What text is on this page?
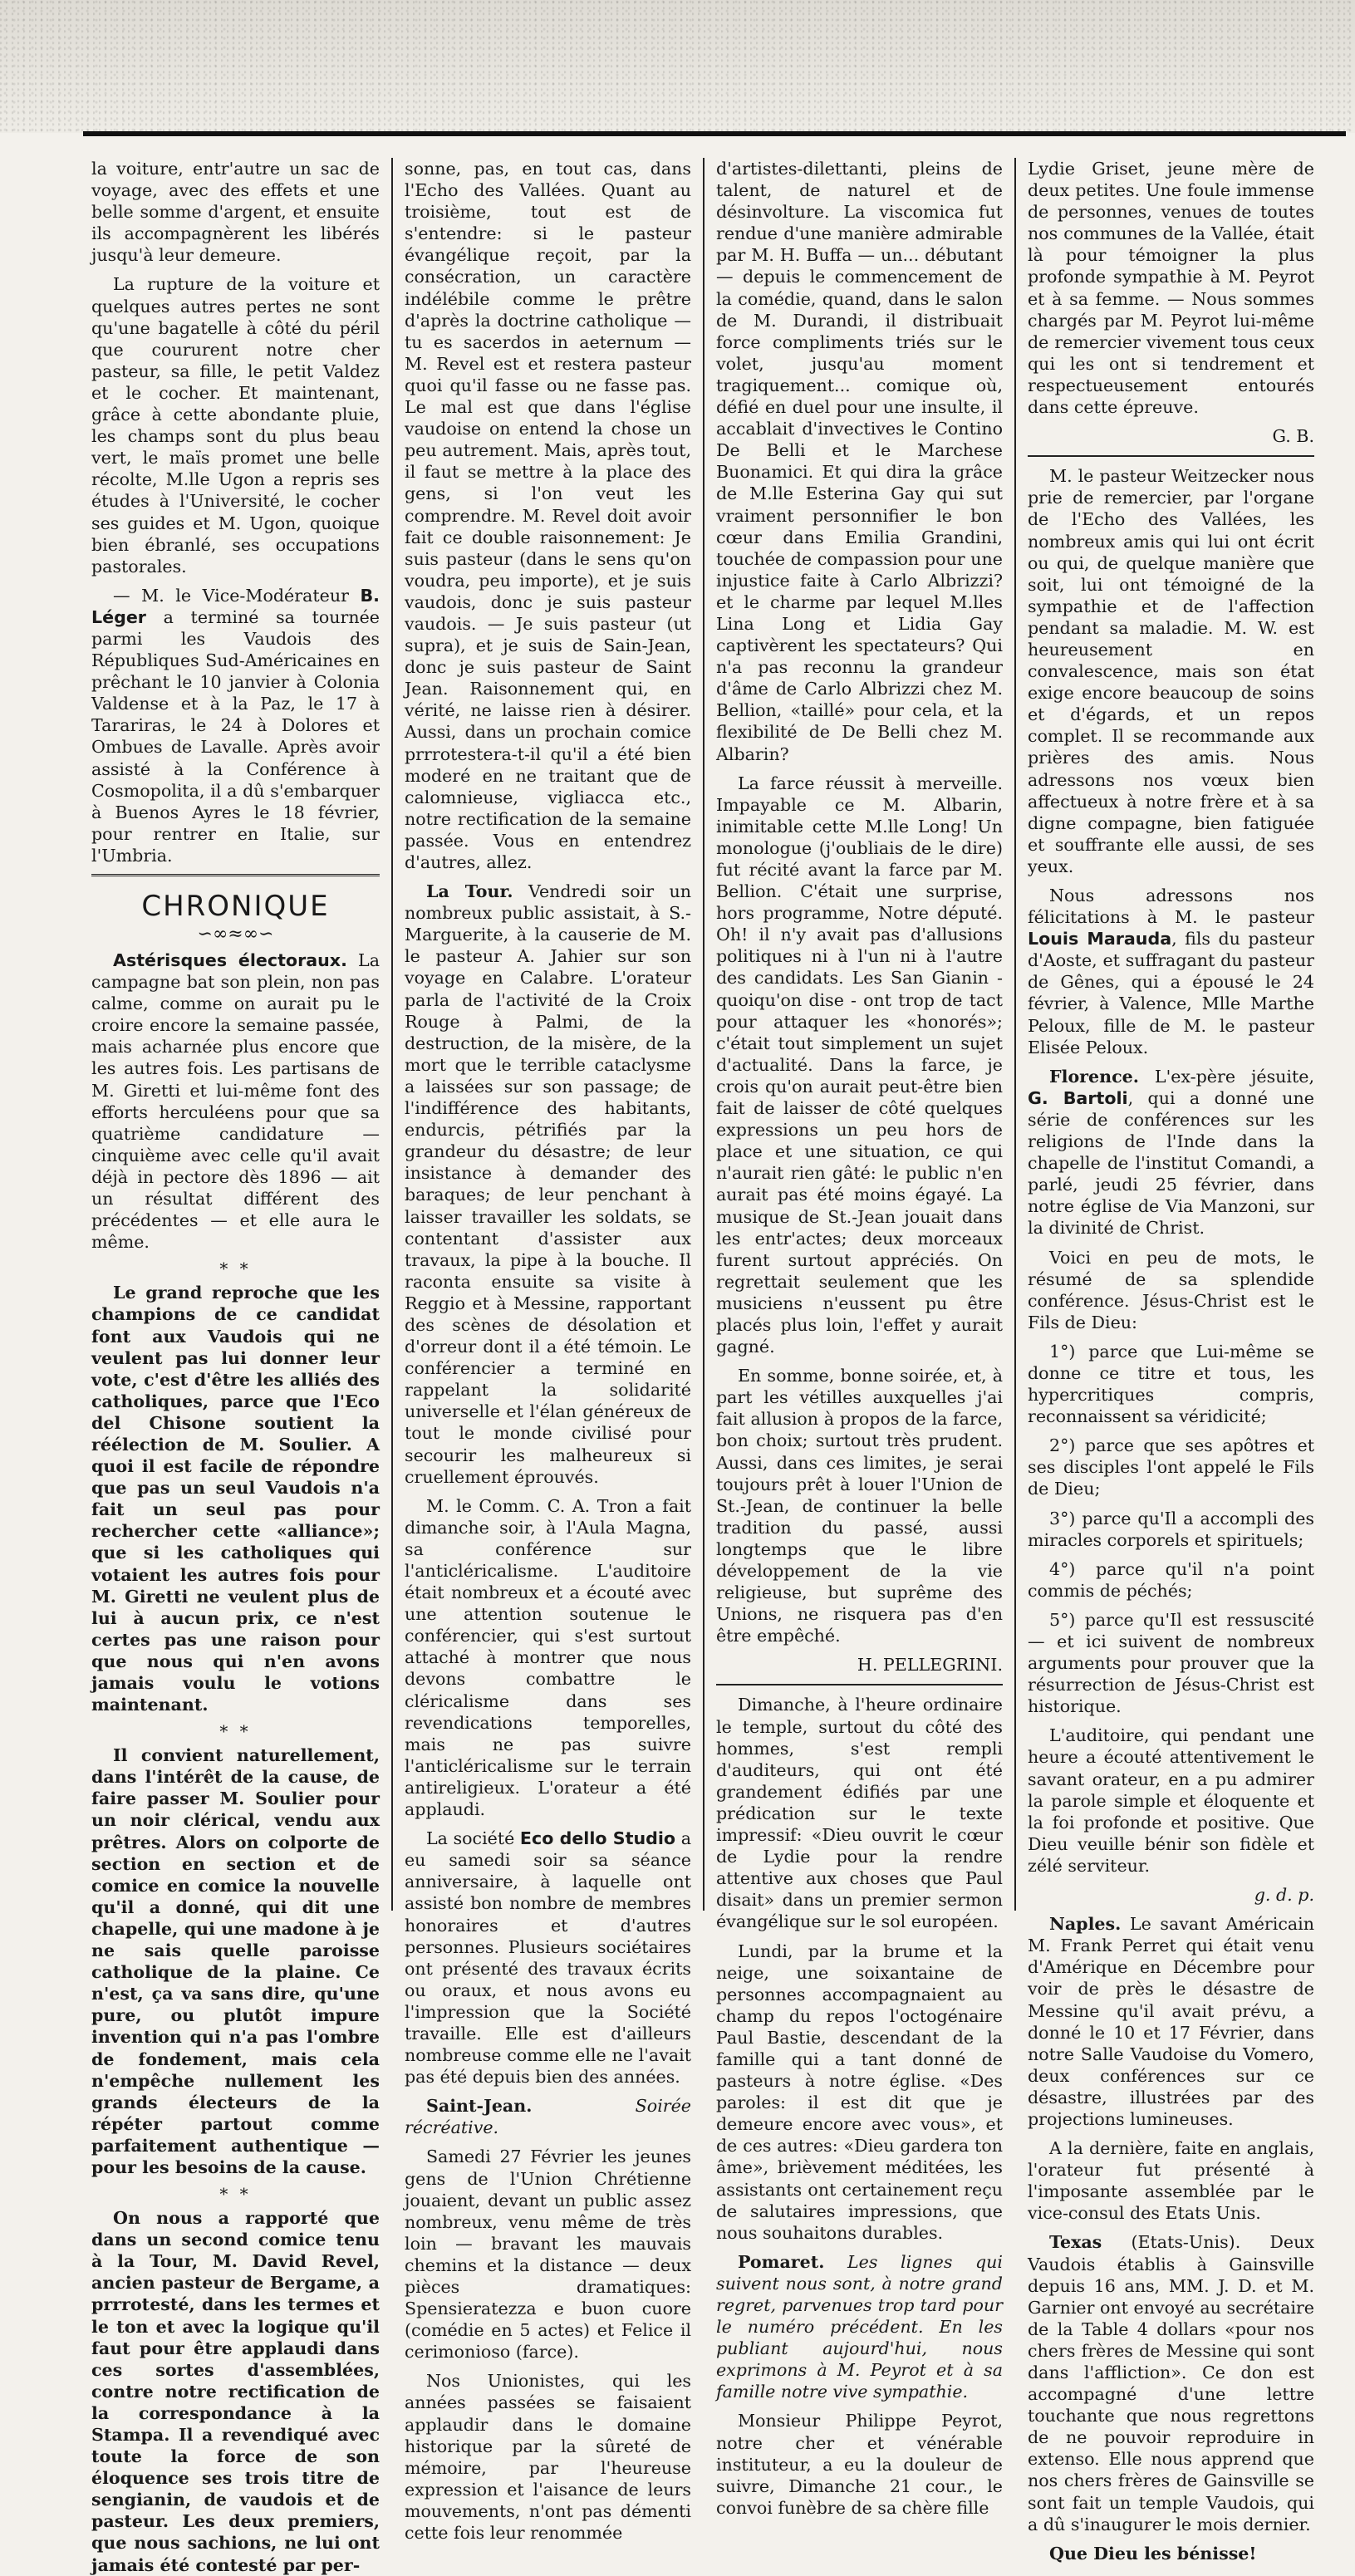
la voiture, entr'autre un sac de voyage, avec des effets et une belle somme d'argent, et ensuite ils accompagnèrent les libérés jusqu'à leur demeure.

La rupture de la voiture et quelques autres pertes ne sont qu'une bagatelle à côté du péril que coururent notre cher pasteur, sa fille, le petit Valdez et le cocher. Et maintenant, grâce à cette abondante pluie, les champs sont du plus beau vert, le maïs promet une belle récolte, M.lle Ugon a repris ses études à l'Université, le cocher ses guides et M. Ugon, quoique bien ébranlé, ses occupations pastorales.

— M. le Vice-Modérateur B. Léger a terminé sa tournée parmi les Vaudois des Républiques Sud-Américaines en prêchant le 10 janvier à Colonia Valdense et à la Paz, le 17 à Tarariras, le 24 à Dolores et Ombues de Lavalle. Après avoir assisté à la Conférence à Cosmopolita, il a dû s'embarquer à Buenos Ayres le 18 février, pour rentrer en Italie, sur l'Umbria.

CHRONIQUE
∽∞≈∞∽

Astérisques électoraux. La campagne bat son plein, non pas calme, comme on aurait pu le croire encore la semaine passée, mais acharnée plus encore que les autres fois. Les partisans de M. Giretti et lui-même font des efforts herculéens pour que sa quatrième candidature — cinquième avec celle qu'il avait déjà in pectore dès 1896 — ait un résultat différent des précédentes — et elle aura le même.

* *

Le grand reproche que les champions de ce candidat font aux Vaudois qui ne veulent pas lui donner leur vote, c'est d'être les alliés des catholiques, parce que l'Eco del Chisone soutient la réélection de M. Soulier. A quoi il est facile de répondre que pas un seul Vaudois n'a fait un seul pas pour rechercher cette «alliance»; que si les catholiques qui votaient les autres fois pour M. Giretti ne veulent plus de lui à aucun prix, ce n'est certes pas une raison pour que nous qui n'en avons jamais voulu le votions maintenant.

* *

Il convient naturellement, dans l'intérêt de la cause, de faire passer M. Soulier pour un noir clérical, vendu aux prêtres. Alors on colporte de section en section et de comice en comice la nouvelle qu'il a donné, qui dit une chapelle, qui une madone à je ne sais quelle paroisse catholique de la plaine. Ce n'est, ça va sans dire, qu'une pure, ou plutôt impure invention qui n'a pas l'ombre de fondement, mais cela n'empêche nullement les grands électeurs de la répéter partout comme parfaitement authentique — pour les besoins de la cause.

* *

On nous a rapporté que dans un second comice tenu à la Tour, M. David Revel, ancien pasteur de Bergame, a prrrotesté, dans les termes et le ton et avec la logique qu'il faut pour être applaudi dans ces sortes d'assemblées, contre notre rectification de la correspondance à la Stampa. Il a revendiqué avec toute la force de son éloquence ses trois titre de sengianin, de vaudois et de pasteur. Les deux premiers, que nous sachions, ne lui ont jamais été contesté par per-

sonne, pas, en tout cas, dans l'Echo des Vallées. Quant au troisième, tout est de s'entendre: si le pasteur évangélique reçoit, par la consécration, un caractère indélébile comme le prêtre d'après la doctrine catholique — tu es sacerdos in aeternum — M. Revel est et restera pasteur quoi qu'il fasse ou ne fasse pas. Le mal est que dans l'église vaudoise on entend la chose un peu autrement. Mais, après tout, il faut se mettre à la place des gens, si l'on veut les comprendre. M. Revel doit avoir fait ce double raisonnement: Je suis pasteur (dans le sens qu'on voudra, peu importe), et je suis vaudois, donc je suis pasteur vaudois. — Je suis pasteur (ut supra), et je suis de Sain-Jean, donc je suis pasteur de Saint Jean. Raisonnement qui, en vérité, ne laisse rien à désirer. Aussi, dans un prochain comice prrrotestera-t-il qu'il a été bien moderé en ne traitant que de calomnieuse, vigliacca etc., notre rectification de la semaine passée. Vous en entendrez d'autres, allez.

La Tour. Vendredi soir un nombreux public assistait, à S.-Marguerite, à la causerie de M. le pasteur A. Jahier sur son voyage en Calabre. L'orateur parla de l'activité de la Croix Rouge à Palmi, de la destruction, de la misère, de la mort que le terrible cataclysme a laissées sur son passage; de l'indifférence des habitants, endurcis, pétrifiés par la grandeur du désastre; de leur insistance à demander des baraques; de leur penchant à laisser travailler les soldats, se contentant d'assister aux travaux, la pipe à la bouche. Il raconta ensuite sa visite à Reggio et à Messine, rapportant des scènes de désolation et d'orreur dont il a été témoin. Le conférencier a terminé en rappelant la solidarité universelle et l'élan généreux de tout le monde civilisé pour secourir les malheureux si cruellement éprouvés.

M. le Comm. C. A. Tron a fait dimanche soir, à l'Aula Magna, sa conférence sur l'anticléricalisme. L'auditoire était nombreux et a écouté avec une attention soutenue le conférencier, qui s'est surtout attaché à montrer que nous devons combattre le cléricalisme dans ses revendications temporelles, mais ne pas suivre l'anticléricalisme sur le terrain antireligieux. L'orateur a été applaudi.

La société Eco dello Studio a eu samedi soir sa séance anniversaire, à laquelle ont assisté bon nombre de membres honoraires et d'autres personnes. Plusieurs sociétaires ont présenté des travaux écrits ou oraux, et nous avons eu l'impression que la Société travaille. Elle est d'ailleurs nombreuse comme elle ne l'avait pas été depuis bien des années.

Saint-Jean. Soirée récréative.

Samedi 27 Février les jeunes gens de l'Union Chrétienne jouaient, devant un public assez nombreux, venu même de très loin — bravant les mauvais chemins et la distance — deux pièces dramatiques: Spensieratezza e buon cuore (comédie en 5 actes) et Felice il cerimonioso (farce).

Nos Unionistes, qui les années passées se faisaient applaudir dans le domaine historique par la sûreté de mémoire, par l'heureuse expression et l'aisance de leurs mouvements, n'ont pas démenti cette fois leur renommée

d'artistes-dilettanti, pleins de talent, de naturel et de désinvolture. La viscomica fut rendue d'une manière admirable par M. H. Buffa — un... débutant — depuis le commencement de la comédie, quand, dans le salon de M. Durandi, il distribuait force compliments triés sur le volet, jusqu'au moment tragiquement... comique où, défié en duel pour une insulte, il accablait d'invectives le Contino De Belli et le Marchese Buonamici. Et qui dira la grâce de M.lle Esterina Gay qui sut vraiment personnifier le bon cœur dans Emilia Grandini, touchée de compassion pour une injustice faite à Carlo Albrizzi? et le charme par lequel M.lles Lina Long et Lidia Gay captivèrent les spectateurs? Qui n'a pas reconnu la grandeur d'âme de Carlo Albrizzi chez M. Bellion, «taillé» pour cela, et la flexibilité de De Belli chez M. Albarin?

La farce réussit à merveille. Impayable ce M. Albarin, inimitable cette M.lle Long! Un monologue (j'oubliais de le dire) fut récité avant la farce par M. Bellion. C'était une surprise, hors programme, Notre député. Oh! il n'y avait pas d'allusions politiques ni à l'un ni à l'autre des candidats. Les San Gianin - quoiqu'on dise - ont trop de tact pour attaquer les «honorés»; c'était tout simplement un sujet d'actualité. Dans la farce, je crois qu'on aurait peut-être bien fait de laisser de côté quelques expressions un peu hors de place et une situation, ce qui n'aurait rien gâté: le public n'en aurait pas été moins égayé. La musique de St.-Jean jouait dans les entr'actes; deux morceaux furent surtout appréciés. On regrettait seulement que les musiciens n'eussent pu être placés plus loin, l'effet y aurait gagné.

En somme, bonne soirée, et, à part les vétilles auxquelles j'ai fait allusion à propos de la farce, bon choix; surtout très prudent. Aussi, dans ces limites, je serai toujours prêt à louer l'Union de St.-Jean, de continuer la belle tradition du passé, aussi longtemps que le libre développement de la vie religieuse, but suprême des Unions, ne risquera pas d'en être empêché.

H. PELLEGRINI.

Dimanche, à l'heure ordinaire le temple, surtout du côté des hommes, s'est rempli d'auditeurs, qui ont été grandement édifiés par une prédication sur le texte impressif: «Dieu ouvrit le cœur de Lydie pour la rendre attentive aux choses que Paul disait» dans un premier sermon évangélique sur le sol européen.

Lundi, par la brume et la neige, une soixantaine de personnes accompagnaient au champ du repos l'octogénaire Paul Bastie, descendant de la famille qui a tant donné de pasteurs à notre église. «Des paroles: il est dit que je demeure encore avec vous», et de ces autres: «Dieu gardera ton âme», brièvement méditées, les assistants ont certainement reçu de salutaires impressions, que nous souhaitons durables.

Pomaret. Les lignes qui suivent nous sont, à notre grand regret, parvenues trop tard pour le numéro précédent. En les publiant aujourd'hui, nous exprimons à M. Peyrot et à sa famille notre vive sympathie.

Monsieur Philippe Peyrot, notre cher et vénérable instituteur, a eu la douleur de suivre, Dimanche 21 cour., le convoi funèbre de sa chère fille

Lydie Griset, jeune mère de deux petites. Une foule immense de personnes, venues de toutes nos communes de la Vallée, était là pour témoigner la plus profonde sympathie à M. Peyrot et à sa femme. — Nous sommes chargés par M. Peyrot lui-même de remercier vivement tous ceux qui les ont si tendrement et respectueusement entourés dans cette épreuve.

G. B.

M. le pasteur Weitzecker nous prie de remercier, par l'organe de l'Echo des Vallées, les nombreux amis qui lui ont écrit ou qui, de quelque manière que soit, lui ont témoigné de la sympathie et de l'affection pendant sa maladie. M. W. est heureusement en convalescence, mais son état exige encore beaucoup de soins et d'égards, et un repos complet. Il se recommande aux prières des amis. Nous adressons nos vœux bien affectueux à notre frère et à sa digne compagne, bien fatiguée et souffrante elle aussi, de ses yeux.

Nous adressons nos félicitations à M. le pasteur Louis Marauda, fils du pasteur d'Aoste, et suffragant du pasteur de Gênes, qui a épousé le 24 février, à Valence, Mlle Marthe Peloux, fille de M. le pasteur Elisée Peloux.

Florence. L'ex-père jésuite, G. Bartoli, qui a donné une série de conférences sur les religions de l'Inde dans la chapelle de l'institut Comandi, a parlé, jeudi 25 février, dans notre église de Via Manzoni, sur la divinité de Christ.

Voici en peu de mots, le résumé de sa splendide conférence. Jésus-Christ est le Fils de Dieu:

1°) parce que Lui-même se donne ce titre et tous, les hypercritiques compris, reconnaissent sa véridicité;

2°) parce que ses apôtres et ses disciples l'ont appelé le Fils de Dieu;

3°) parce qu'Il a accompli des miracles corporels et spirituels;

4°) parce qu'il n'a point commis de péchés;

5°) parce qu'Il est ressuscité — et ici suivent de nombreux arguments pour prouver que la résurrection de Jésus-Christ est historique.

L'auditoire, qui pendant une heure a écouté attentivement le savant orateur, en a pu admirer la parole simple et éloquente et la foi profonde et positive. Que Dieu veuille bénir son fidèle et zélé serviteur.

g. d. p.

Naples. Le savant Américain M. Frank Perret qui était venu d'Amérique en Décembre pour voir de près le désastre de Messine qu'il avait prévu, a donné le 10 et 17 Février, dans notre Salle Vaudoise du Vomero, deux conférences sur ce désastre, illustrées par des projections lumineuses.

A la dernière, faite en anglais, l'orateur fut présenté à l'imposante assemblée par le vice-consul des Etats Unis.

Texas (Etats-Unis). Deux Vaudois établis à Gainsville depuis 16 ans, MM. J. D. et M. Garnier ont envoyé au secrétaire de la Table 4 dollars «pour nos chers frères de Messine qui sont dans l'affliction». Ce don est accompagné d'une lettre touchante que nous regrettons de ne pouvoir reproduire in extenso. Elle nous apprend que nos chers frères de Gainsville se sont fait un temple Vaudois, qui a dû s'inaugurer le mois dernier.

Que Dieu les bénisse!
